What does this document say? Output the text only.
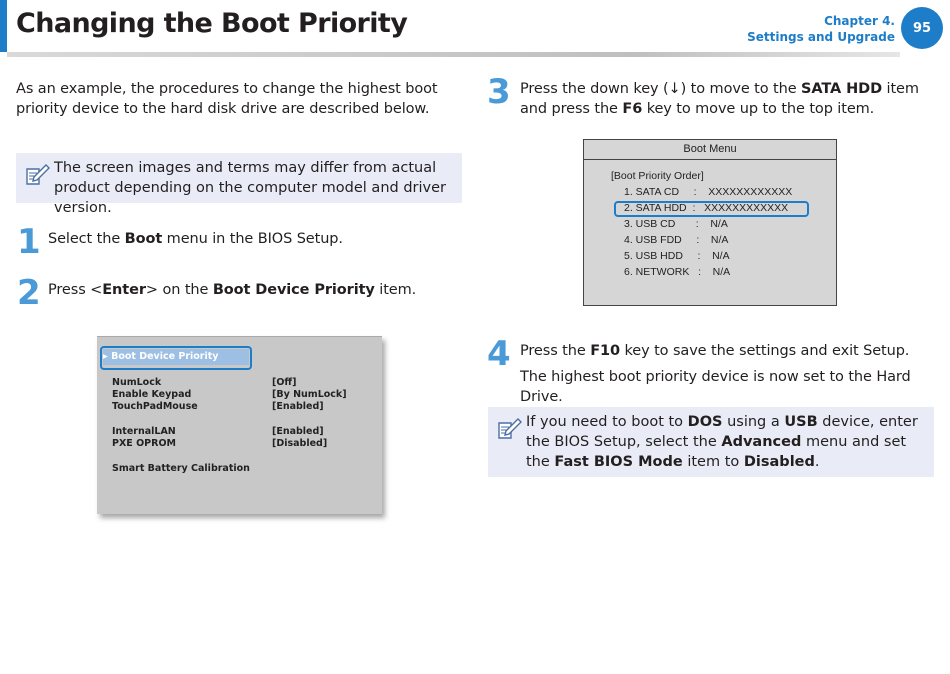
Changing the Boot Priority	Chapter 4.
Settings and Upgrade
95
As an example, the procedures to change the highest boot priority device to the hard disk drive are described below.
The screen images and terms may differ from actual product depending on the computer model and driver version.
1 Select the Boot menu in the BIOS Setup.
2 Press <Enter> on the Boot Device Priority item.
▸ Boot Device Priority
NumLock	[Off]
Enable Keypad	[By NumLock]
TouchPadMouse	[Enabled]
InternalLAN	[Enabled]
PXE OPROM	[Disabled]
Smart Battery Calibration
3 Press the down key (↓) to move to the SATA HDD item and press the F6 key to move up to the top item.
Boot Menu
[Boot Priority Order]
1. SATA CD     :    XXXXXXXXXXXX
2. SATA HDD  :   XXXXXXXXXXXX
3. USB CD       :    N/A
4. USB FDD     :    N/A
5. USB HDD     :    N/A
6. NETWORK   :    N/A
4 Press the F10 key to save the settings and exit Setup.
The highest boot priority device is now set to the Hard Drive.
If you need to boot to DOS using a USB device, enter the BIOS Setup, select the Advanced menu and set the Fast BIOS Mode item to Disabled.
